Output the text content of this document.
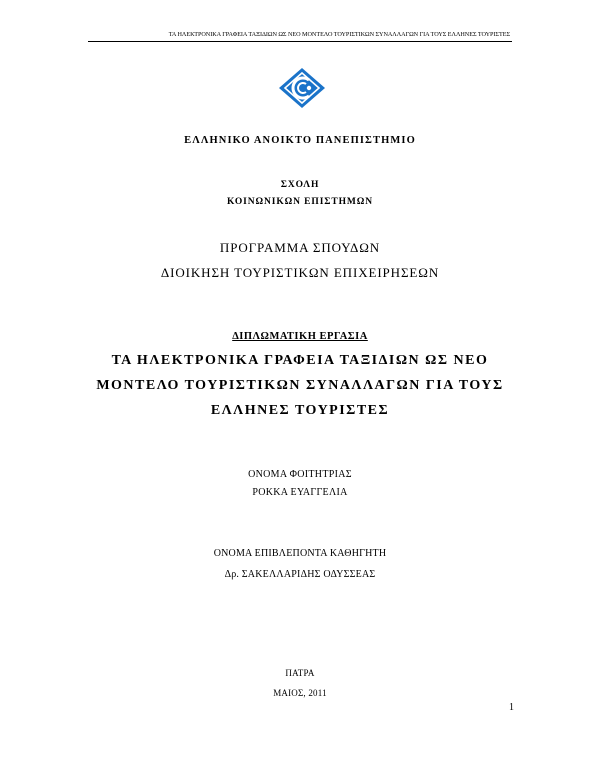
ΤΑ ΗΛΕΚΤΡΟΝΙΚΑ ΓΡΑΦΕΙΑ ΤΑΞΙΔΙΩΝ ΩΣ ΝΕΟ ΜΟΝΤΕΛΟ ΤΟΥΡΙΣΤΙΚΩΝ ΣΥΝΑΛΛΑΓΩΝ ΓΙΑ ΤΟΥΣ ΕΛΛΗΝΕΣ ΤΟΥΡΙΣΤΕΣ
ΕΛΛΗΝΙΚΟ ΑΝΟΙΚΤΟ ΠΑΝΕΠΙΣΤΗΜΙΟ
ΣΧΟΛΗ
ΚΟΙΝΩΝΙΚΩΝ ΕΠΙΣΤΗΜΩΝ
ΠΡΟΓΡΑΜΜΑ ΣΠΟΥΔΩΝ
ΔΙΟΙΚΗΣΗ ΤΟΥΡΙΣΤΙΚΩΝ ΕΠΙΧΕΙΡΗΣΕΩΝ
ΔΙΠΛΩΜΑΤΙΚΗ ΕΡΓΑΣΙΑ
ΤΑ ΗΛΕΚΤΡΟΝΙΚΑ ΓΡΑΦΕΙΑ ΤΑΞΙΔΙΩΝ ΩΣ ΝΕΟ
ΜΟΝΤΕΛΟ ΤΟΥΡΙΣΤΙΚΩΝ ΣΥΝΑΛΛΑΓΩΝ ΓΙΑ ΤΟΥΣ
ΕΛΛΗΝΕΣ ΤΟΥΡΙΣΤΕΣ
ΟΝΟΜΑ ΦΟΙΤΗΤΡΙΑΣ
ΡΟΚΚΑ ΕΥΑΓΓΕΛΙΑ
ΟΝΟΜΑ ΕΠΙΒΛΕΠΟΝΤΑ ΚΑΘΗΓΗΤΗ
Δρ. ΣΑΚΕΛΛΑΡΙΔΗΣ ΟΔΥΣΣΕΑΣ
ΠΑΤΡΑ
ΜΑΙΟΣ, 2011
1
